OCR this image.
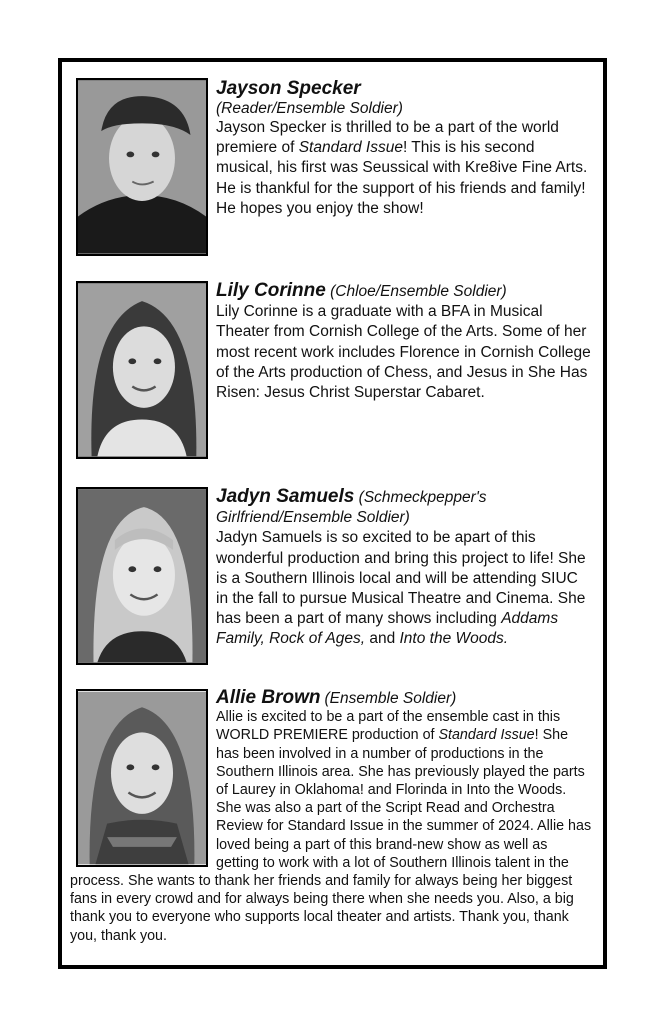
Jayson Specker
(Reader/Ensemble Soldier)
Jayson Specker is thrilled to be a part of the world premiere of Standard Issue! This is his second musical, his first was Seussical with Kre8ive Fine Arts. He is thankful for the support of his friends and family! He hopes you enjoy the show!
Lily Corinne (Chloe/Ensemble Soldier)
Lily Corinne is a graduate with a BFA in Musical Theater from Cornish College of the Arts. Some of her most recent work includes Florence in Cornish College of the Arts production of Chess, and Jesus in She Has Risen: Jesus Christ Superstar Cabaret.
Jadyn Samuels (Schmeckpepper's Girlfriend/Ensemble Soldier)
Jadyn Samuels is so excited to be apart of this wonderful production and bring this project to life! She is a Southern Illinois local and will be attending SIUC in the fall to pursue Musical Theatre and Cinema. She has been a part of many shows including Addams Family, Rock of Ages, and Into the Woods.
Allie Brown (Ensemble Soldier)
Allie is excited to be a part of the ensemble cast in this WORLD PREMIERE production of Standard Issue! She has been involved in a number of productions in the Southern Illinois area. She has previously played the parts of Laurey in Oklahoma! and Florinda in Into the Woods. She was also a part of the Script Read and Orchestra Review for Standard Issue in the summer of 2024. Allie has loved being a part of this brand-new show as well as getting to work with a lot of Southern Illinois talent in the process. She wants to thank her friends and family for always being her biggest fans in every crowd and for always being there when she needs you. Also, a big thank you to everyone who supports local theater and artists. Thank you, thank you, thank you.
